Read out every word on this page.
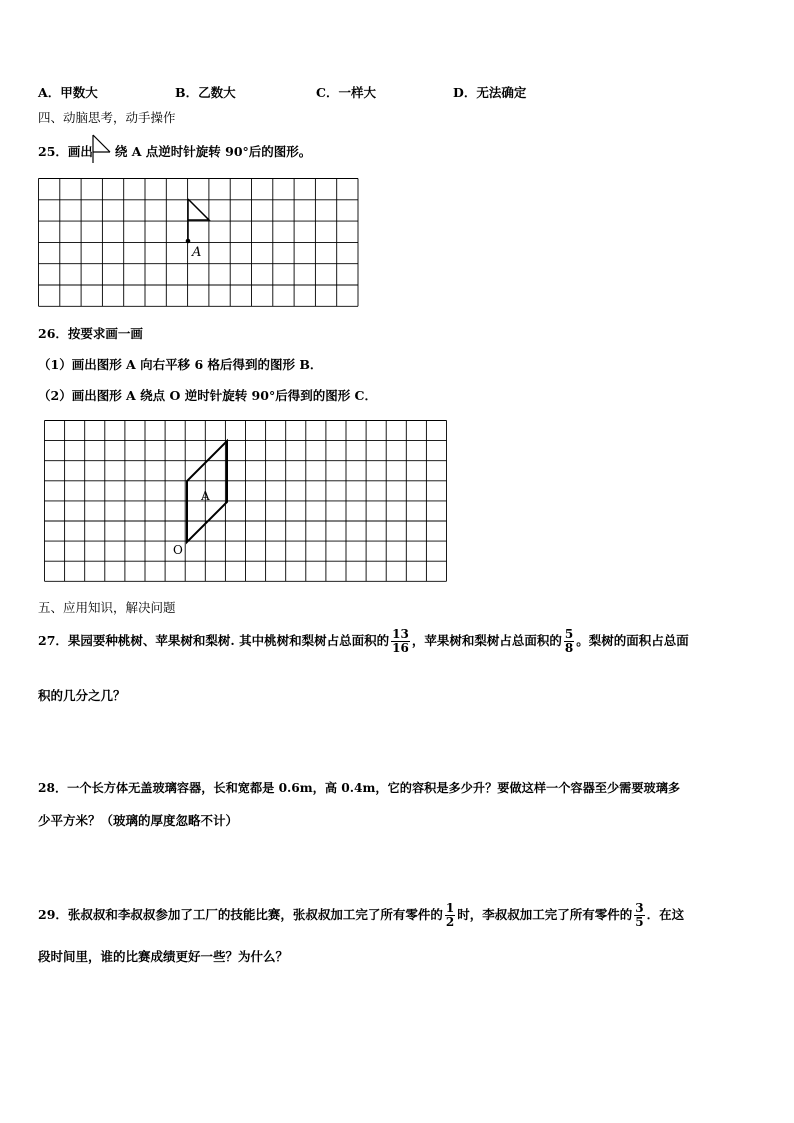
A．甲数大	B．乙数大	C．一样大	D．无法确定
四、动脑思考，动手操作
25．画出 绕 A 点逆时针旋转 90°后的图形。
A
26．按要求画一画
（1）画出图形 A 向右平移 6 格后得到的图形 B．
（2）画出图形 A 绕点 O 逆时针旋转 90°后得到的图形 C．
A
O
五、应用知识，解决问题
27．果园要种桃树、苹果树和梨树. 其中桃树和梨树占总面积的 $\frac{13}{16}$ ，苹果树和梨树占总面积的 $\frac{5}{8}$ 。梨树的面积占总面
积的几分之几？
28．一个长方体无盖玻璃容器，长和宽都是 0.6m，高 0.4m，它的容积是多少升？要做这样一个容器至少需要玻璃多
少平方米？（玻璃的厚度忽略不计）
29．张叔叔和李叔叔参加了工厂的技能比赛，张叔叔加工完了所有零件的 $\frac{1}{2}$ 时，李叔叔加工完了所有零件的 $\frac{3}{5}$ ．在这
段时间里，谁的比赛成绩更好一些？为什么？
